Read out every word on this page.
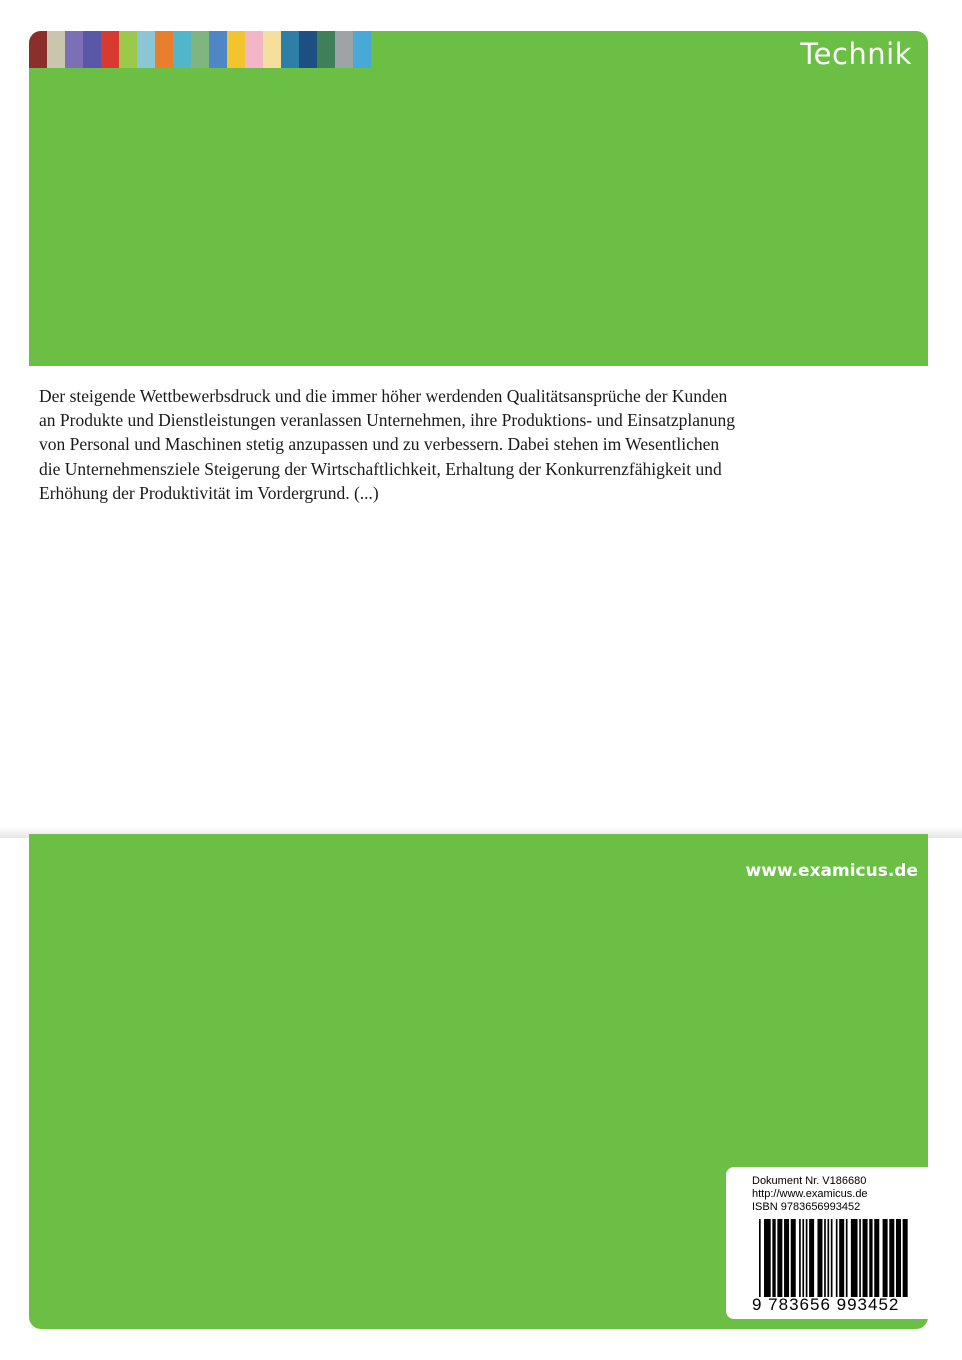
Technik

Der steigende Wettbewerbsdruck und die immer höher werdenden Qualitätsansprüche der Kunden
an Produkte und Dienstleistungen veranlassen Unternehmen, ihre Produktions- und Einsatzplanung
von Personal und Maschinen stetig anzupassen und zu verbessern. Dabei stehen im Wesentlichen
die Unternehmensziele Steigerung der Wirtschaftlichkeit, Erhaltung der Konkurrenzfähigkeit und
Erhöhung der Produktivität im Vordergrund. (...)

www.examicus.de
Dokument Nr. V186680
http://www.examicus.de
ISBN 9783656993452
9 783656 993452
